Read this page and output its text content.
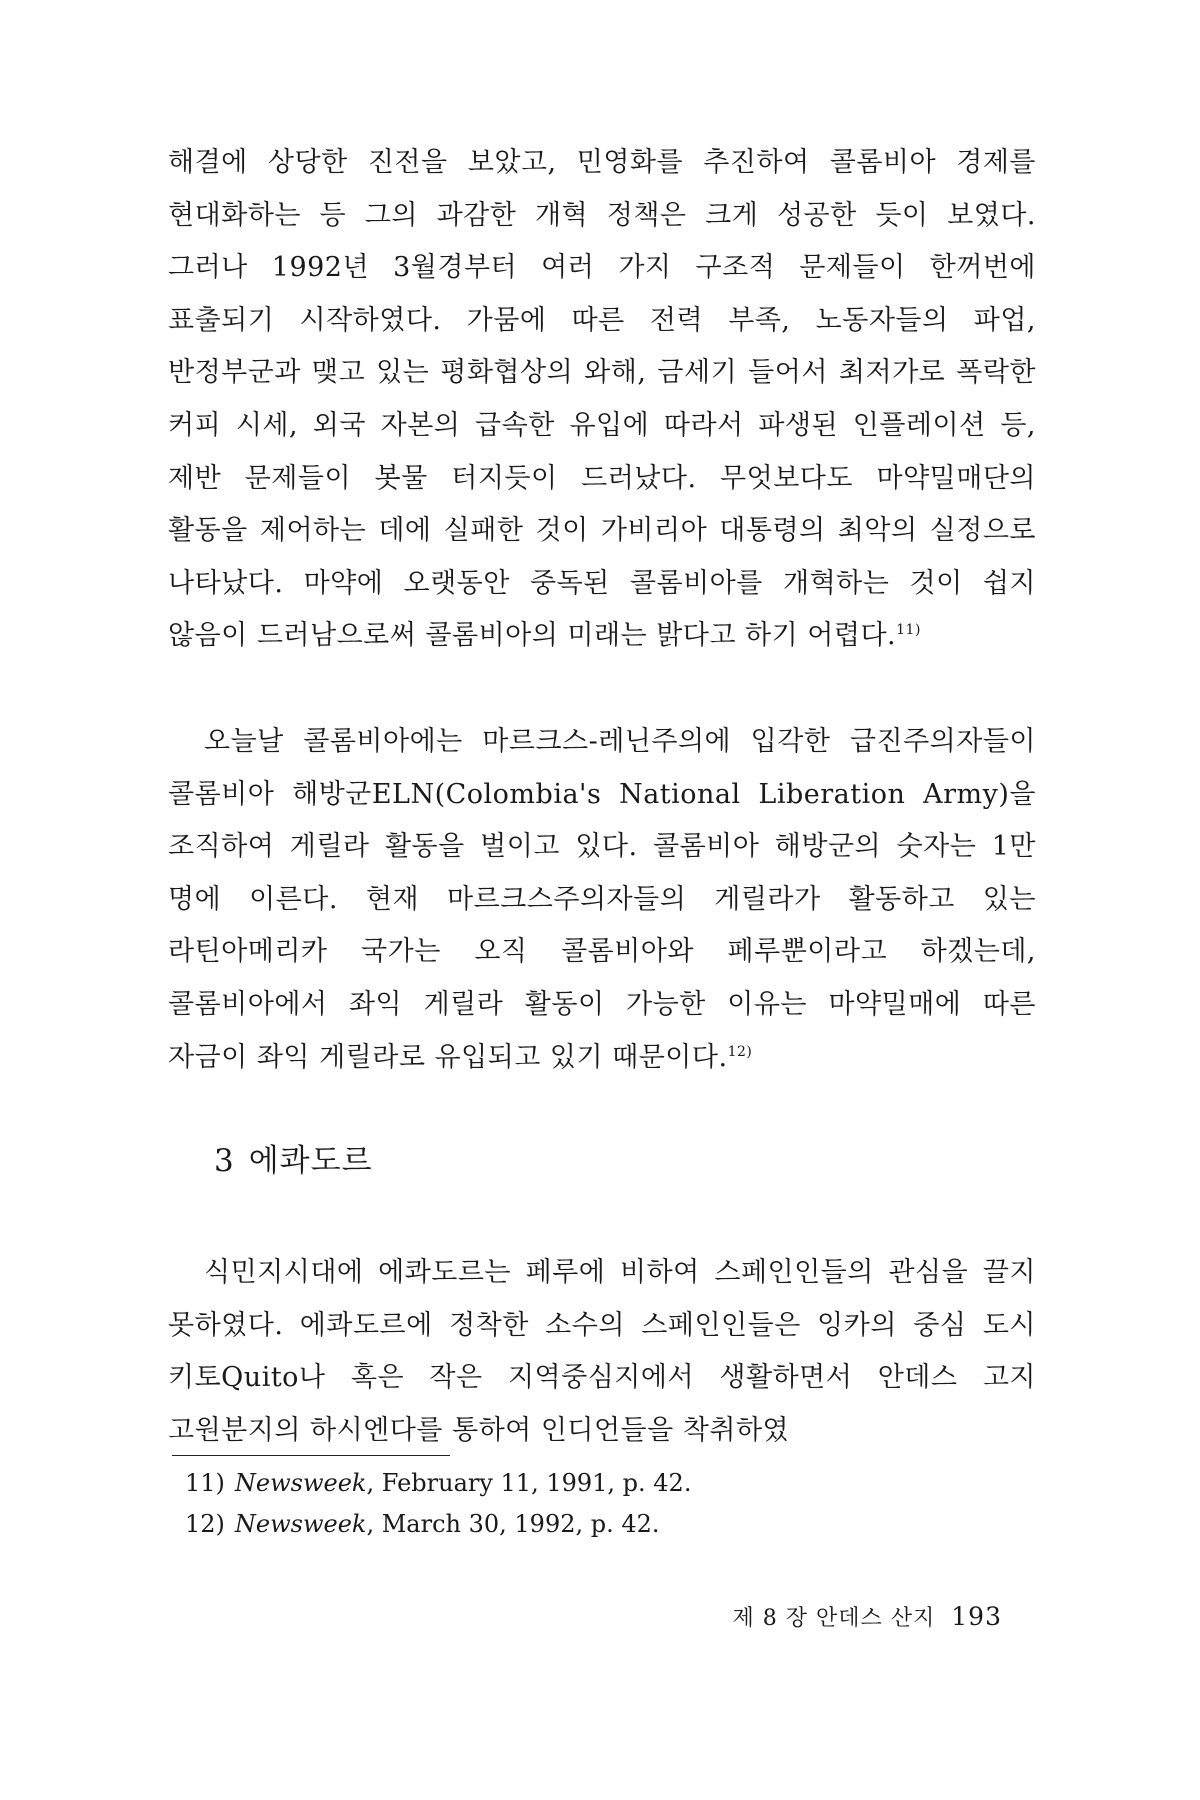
해결에 상당한 진전을 보았고, 민영화를 추진하여 콜롬비아 경제를 현대화하는 등 그의 과감한 개혁 정책은 크게 성공한 듯이 보였다. 그러나 1992년 3월경부터 여러 가지 구조적 문제들이 한꺼번에 표출되기 시작하였다. 가뭄에 따른 전력 부족, 노동자들의 파업, 반정부군과 맺고 있는 평화협상의 와해, 금세기 들어서 최저가로 폭락한 커피 시세, 외국 자본의 급속한 유입에 따라서 파생된 인플레이션 등, 제반 문제들이 봇물 터지듯이 드러났다. 무엇보다도 마약밀매단의 활동을 제어하는 데에 실패한 것이 가비리아 대통령의 최악의 실정으로 나타났다. 마약에 오랫동안 중독된 콜롬비아를 개혁하는 것이 쉽지 않음이 드러남으로써 콜롬비아의 미래는 밝다고 하기 어렵다.$^{11)}$

오늘날 콜롬비아에는 마르크스-레닌주의에 입각한 급진주의자들이 콜롬비아 해방군ELN(Colombia's National Liberation Army)을 조직하여 게릴라 활동을 벌이고 있다. 콜롬비아 해방군의 숫자는 1만 명에 이른다. 현재 마르크스주의자들의 게릴라가 활동하고 있는 라틴아메리카 국가는 오직 콜롬비아와 페루뿐이라고 하겠는데, 콜롬비아에서 좌익 게릴라 활동이 가능한 이유는 마약밀매에 따른 자금이 좌익 게릴라로 유입되고 있기 때문이다.$^{12)}$

3 에콰도르

식민지시대에 에콰도르는 페루에 비하여 스페인인들의 관심을 끌지 못하였다. 에콰도르에 정착한 소수의 스페인인들은 잉카의 중심 도시 키토Quito나 혹은 작은 지역중심지에서 생활하면서 안데스 고지 고원분지의 하시엔다를 통하여 인디언들을 착취하였

11) Newsweek, February 11, 1991, p. 42.
12) Newsweek, March 30, 1992, p. 42.
제 8 장 안데스 산지 193
